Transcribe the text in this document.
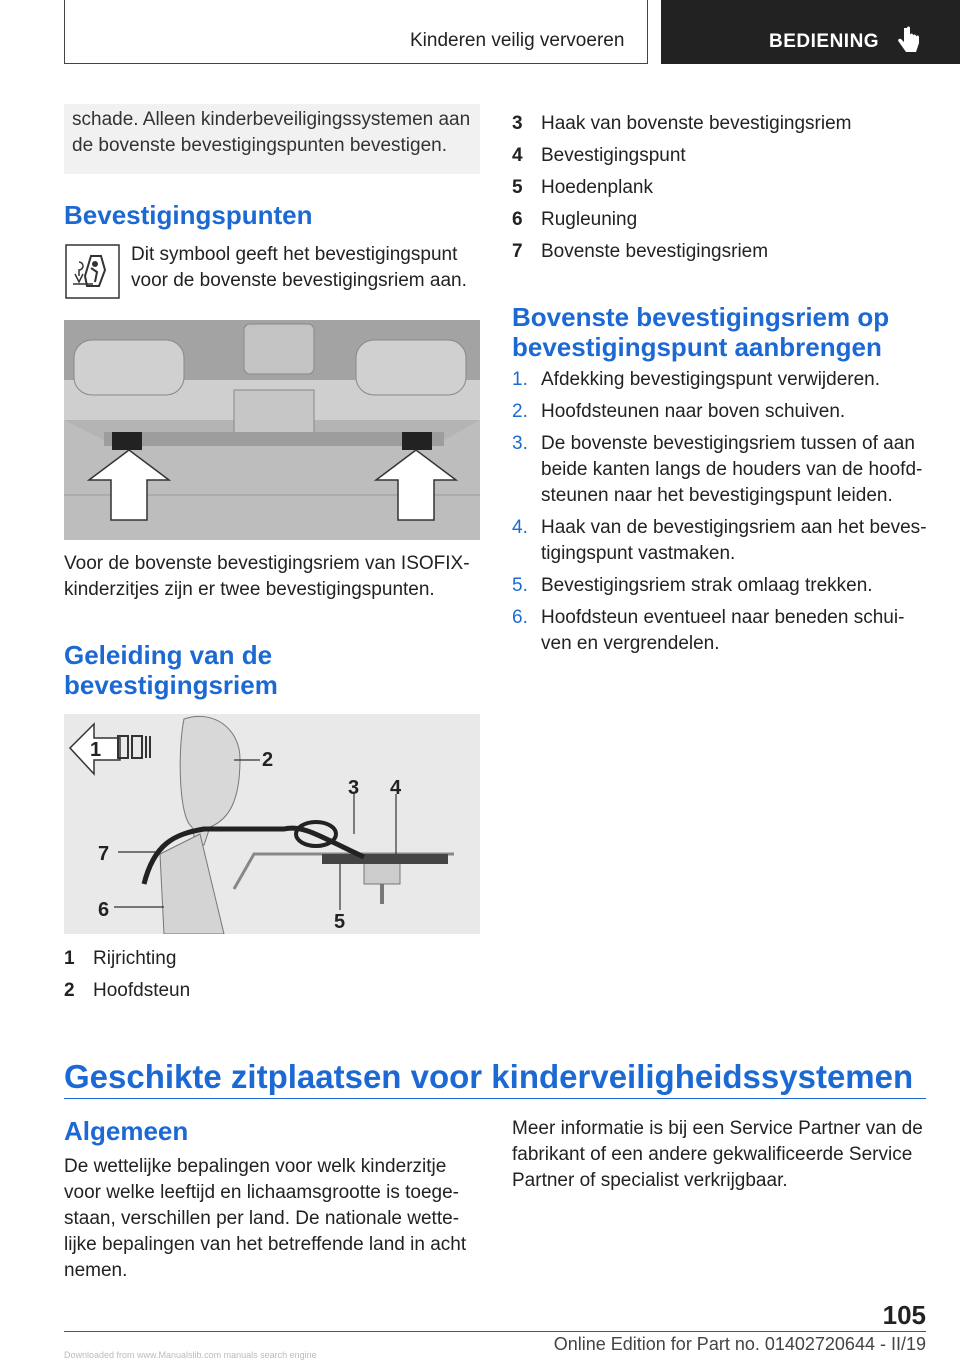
Kinderen veilig vervoeren	BEDIENING
schade. Alleen kinderbeveiligingssystemen aan de bovenste bevestigingspunten bevestigen.
Bevestigingspunten
Dit symbool geeft het bevestigingspunt voor de bovenste bevestigingsriem aan.
Voor de bovenste bevestigingsriem van ISOFIX-kinderzitjes zijn er twee bevestigingspunten.
Geleiding van de bevestigingsriem
1	2
3 4
5
6
7
1 Rijrichting
2 Hoofdsteun
3 Haak van bovenste bevestigingsriem
4 Bevestigingspunt
5 Hoedenplank
6 Rugleuning
7 Bovenste bevestigingsriem
Bovenste bevestigingsriem op bevestigingspunt aanbrengen
1. Afdekking bevestigingspunt verwijderen.
2. Hoofdsteunen naar boven schuiven.
3. De bovenste bevestigingsriem tussen of aan beide kanten langs de houders van de hoofdsteunen naar het bevestigingspunt leiden.
4. Haak van de bevestigingsriem aan het bevestigingspunt vastmaken.
5. Bevestigingsriem strak omlaag trekken.
6. Hoofdsteun eventueel naar beneden schuiven en vergrendelen.
Geschikte zitplaatsen voor kinderveiligheidssystemen
Algemeen
De wettelijke bepalingen voor welk kinderzitje voor welke leeftijd en lichaamsgrootte is toegestaan, verschillen per land. De nationale wettelijke bepalingen van het betreffende land in acht nemen.
Meer informatie is bij een Service Partner van de fabrikant of een andere gekwalificeerde Service Partner of specialist verkrijgbaar.
105
Online Edition for Part no. 01402720644 - II/19
Downloaded from www.Manualslib.com manuals search engine
